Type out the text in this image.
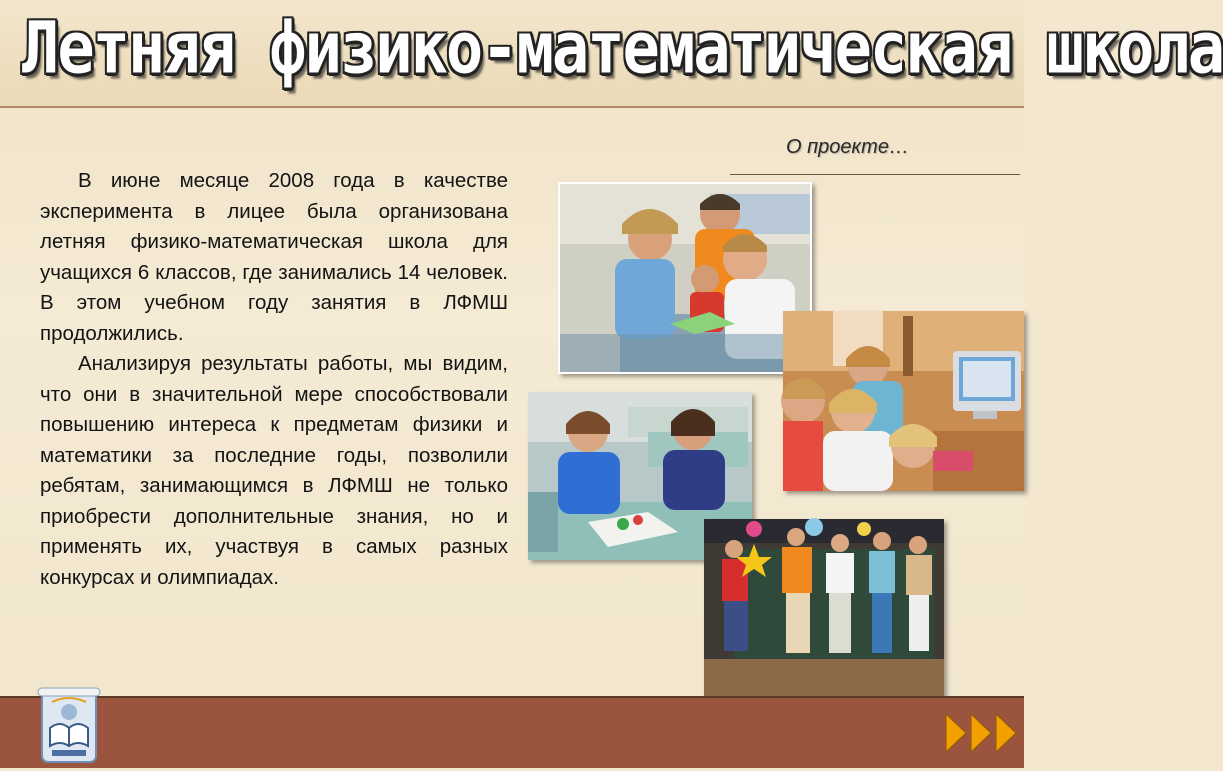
Летняя физико-математическая школа
О проекте…

В июне месяце 2008 года в качестве эксперимента в лицее была организована летняя физико-математическая школа для учащихся 6 классов, где занимались 14 человек. В этом учебном году занятия в ЛФМШ продолжились.

Анализируя результаты работы, мы видим, что они в значительной мере способствовали повышению интереса к предметам физики и математики за последние годы, позволили ребятам, занимающимся в ЛФМШ не только приобрести дополнительные знания, но и применять их, участвуя в самых разных конкурсах и олимпиадах.
